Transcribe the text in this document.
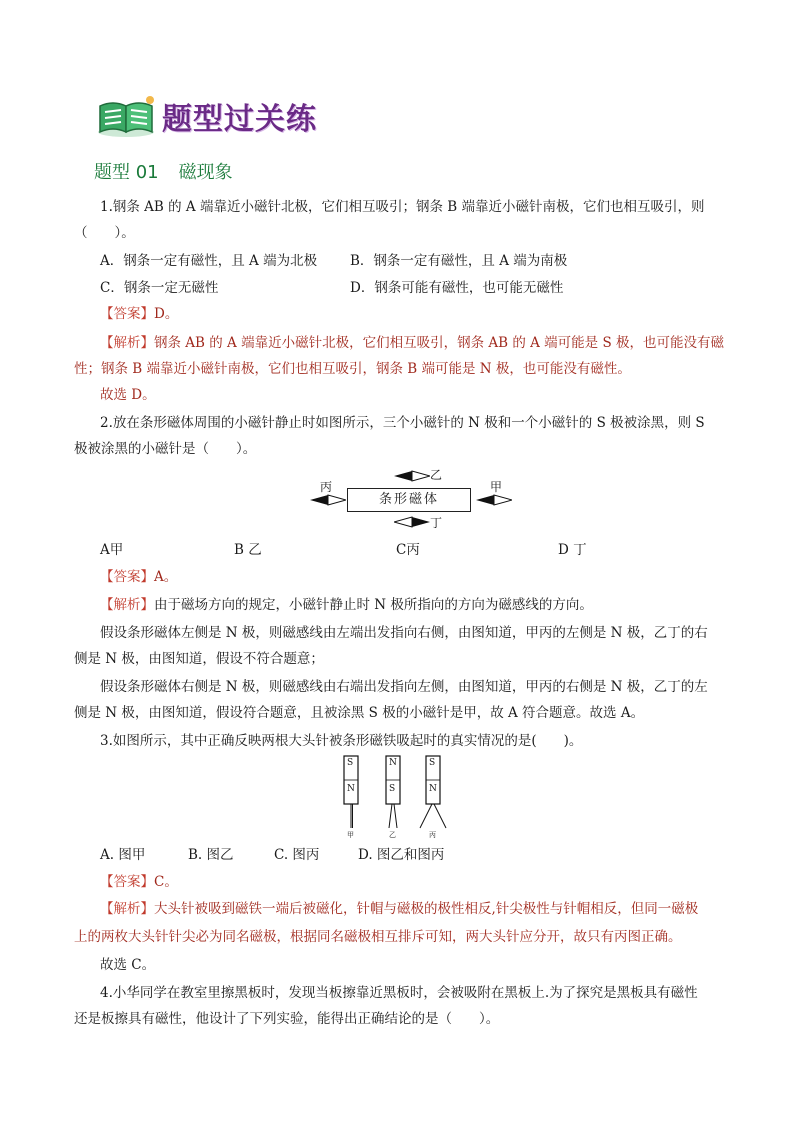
题型过关练
题型 01 磁现象
1.钢条 AB 的 A 端靠近小磁针北极，它们相互吸引；钢条 B 端靠近小磁针南极，它们也相互吸引，则
（　　）。
A．钢条一定有磁性，且 A 端为北极 B．钢条一定有磁性，且 A 端为南极
C．钢条一定无磁性	D．钢条可能有磁性，也可能无磁性
【答案】D。
【解析】钢条 AB 的 A 端靠近小磁针北极，它们相互吸引，钢条 AB 的 A 端可能是 S 极，也可能没有磁
性；钢条 B 端靠近小磁针南极，它们也相互吸引，钢条 B 端可能是 N 极，也可能没有磁性。
故选 D。
2.放在条形磁体周围的小磁针静止时如图所示，三个小磁针的 N 极和一个小磁针的 S 极被涂黑，则 S
极被涂黑的小磁针是（　　）。
条形磁体
乙
丙	甲
丁
A甲	B 乙	C丙	D 丁
【答案】A。
【解析】由于磁场方向的规定，小磁针静止时 N 极所指向的方向为磁感线的方向。
假设条形磁体左侧是 N 极，则磁感线由左端出发指向右侧，由图知道，甲丙的左侧是 N 极，乙丁的右
侧是 N 极，由图知道，假设不符合题意；
假设条形磁体右侧是 N 极，则磁感线由右端出发指向左侧，由图知道，甲丙的右侧是 N 极，乙丁的左
侧是 N 极，由图知道，假设符合题意，且被涂黑 S 极的小磁针是甲，故 A 符合题意。故选 A。
3.如图所示，其中正确反映两根大头针被条形磁铁吸起时的真实情况的是(　　)。
S
N
N
S
S
N
甲	乙	丙
A. 图甲	B. 图乙	C. 图丙	D. 图乙和图丙
【答案】C。
【解析】大头针被吸到磁铁一端后被磁化，针帽与磁极的极性相反,针尖极性与针帽相反，但同一磁极
上的两枚大头针针尖必为同名磁极，根据同名磁极相互排斥可知，两大头针应分开，故只有丙图正确。
故选 C。
4.小华同学在教室里擦黑板时，发现当板擦靠近黑板时，会被吸附在黑板上.为了探究是黑板具有磁性
还是板擦具有磁性，他设计了下列实验，能得出正确结论的是（　　）。
